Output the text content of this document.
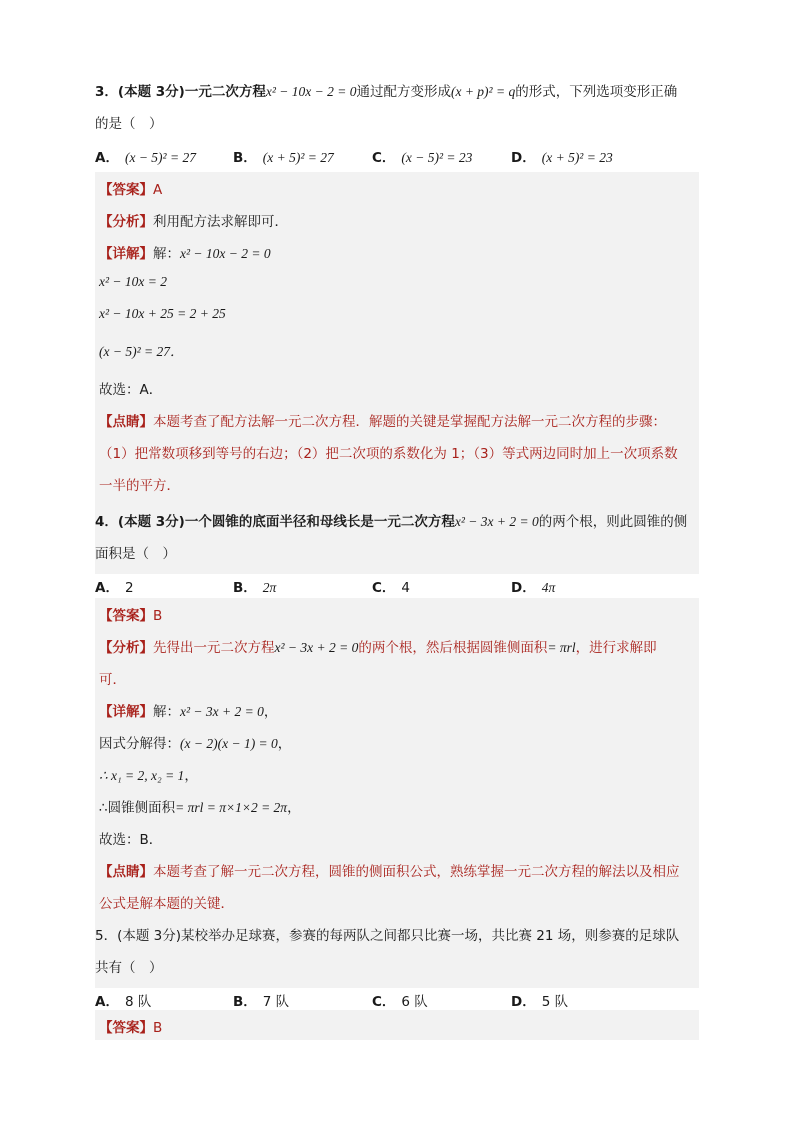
3．(本题 3分)一元二次方程x² − 10x − 2 = 0通过配方变形成(x + p)² = q的形式，下列选项变形正确
的是（　）
A． (x − 5)² = 27	B． (x + 5)² = 27	C． (x − 5)² = 23	D． (x + 5)² = 23
【答案】A
【分析】利用配方法求解即可．
【详解】解：x² − 10x − 2 = 0
x² − 10x = 2
x² − 10x + 25 = 2 + 25
(x − 5)² = 27．
故选：A．
【点睛】本题考查了配方法解一元二次方程．解题的关键是掌握配方法解一元二次方程的步骤：
（1）把常数项移到等号的右边；（2）把二次项的系数化为 1；（3）等式两边同时加上一次项系数
一半的平方．
4．(本题 3分)一个圆锥的底面半径和母线长是一元二次方程x² − 3x + 2 = 0的两个根，则此圆锥的侧
面积是（　）
A． 2	B． 2π	C． 4	D． 4π
【答案】B
【分析】先得出一元二次方程x² − 3x + 2 = 0的两个根，然后根据圆锥侧面积= πrl，进行求解即
可．
【详解】解：x² − 3x + 2 = 0，
因式分解得：(x − 2)(x − 1) = 0，
∴ x₁ = 2, x₂ = 1，
∴圆锥侧面积= πrl = π×1×2 = 2π，
故选：B．
【点睛】本题考查了解一元二次方程，圆锥的侧面积公式，熟练掌握一元二次方程的解法以及相应
公式是解本题的关键．
5．(本题 3分)某校举办足球赛，参赛的每两队之间都只比赛一场，共比赛 21 场，则参赛的足球队
共有（　）
A． 8 队	B． 7 队	C． 6 队	D． 5 队
【答案】B
